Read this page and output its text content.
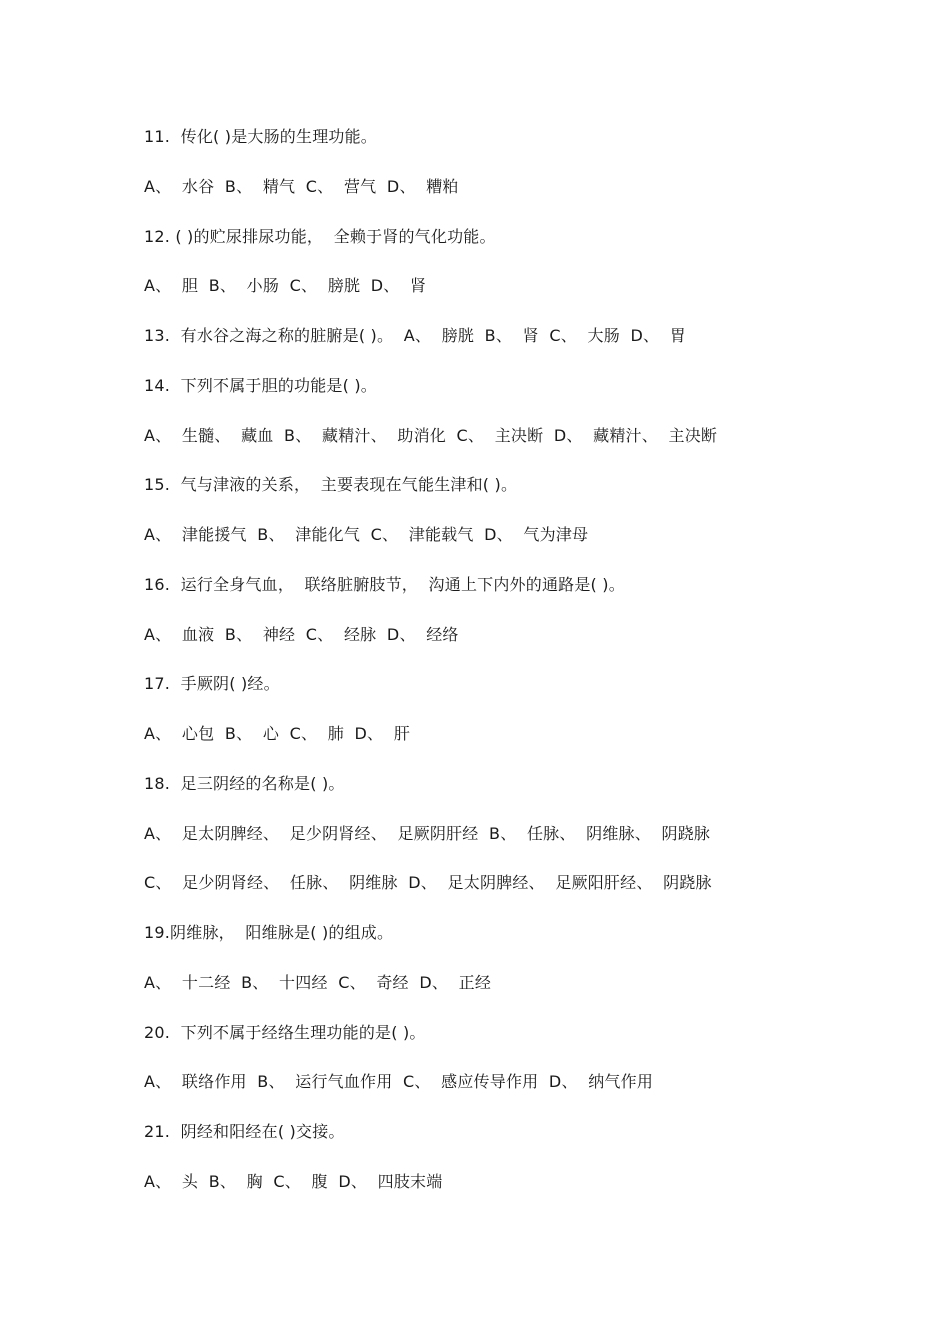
11.  传化( )是大肠的生理功能。
A、  水谷  B、  精气  C、  营气  D、  糟粕
12. ( )的贮尿排尿功能，  全赖于肾的气化功能。
A、  胆  B、  小肠  C、  膀胱  D、  肾
13.  有水谷之海之称的脏腑是( )。  A、  膀胱  B、  肾  C、  大肠  D、  胃
14.  下列不属于胆的功能是( )。
A、  生髓、  藏血  B、  藏精汁、  助消化  C、  主决断  D、  藏精汁、  主决断
15.  气与津液的关系，  主要表现在气能生津和( )。
A、  津能援气  B、  津能化气  C、  津能载气  D、  气为津母
16.  运行全身气血，  联络脏腑肢节，  沟通上下内外的通路是( )。
A、  血液  B、  神经  C、  经脉  D、  经络
17.  手厥阴( )经。
A、  心包  B、  心  C、  肺  D、  肝
18.  足三阴经的名称是( )。
A、  足太阴脾经、  足少阴肾经、  足厥阴肝经  B、  任脉、  阴维脉、  阴跷脉
C、  足少阴肾经、  任脉、  阴维脉  D、  足太阴脾经、  足厥阳肝经、  阴跷脉
19.阴维脉，  阳维脉是( )的组成。
A、  十二经  B、  十四经  C、  奇经  D、  正经
20.  下列不属于经络生理功能的是( )。
A、  联络作用  B、  运行气血作用  C、  感应传导作用  D、  纳气作用
21.  阴经和阳经在( )交接。
A、  头  B、  胸  C、  腹  D、  四肢末端
